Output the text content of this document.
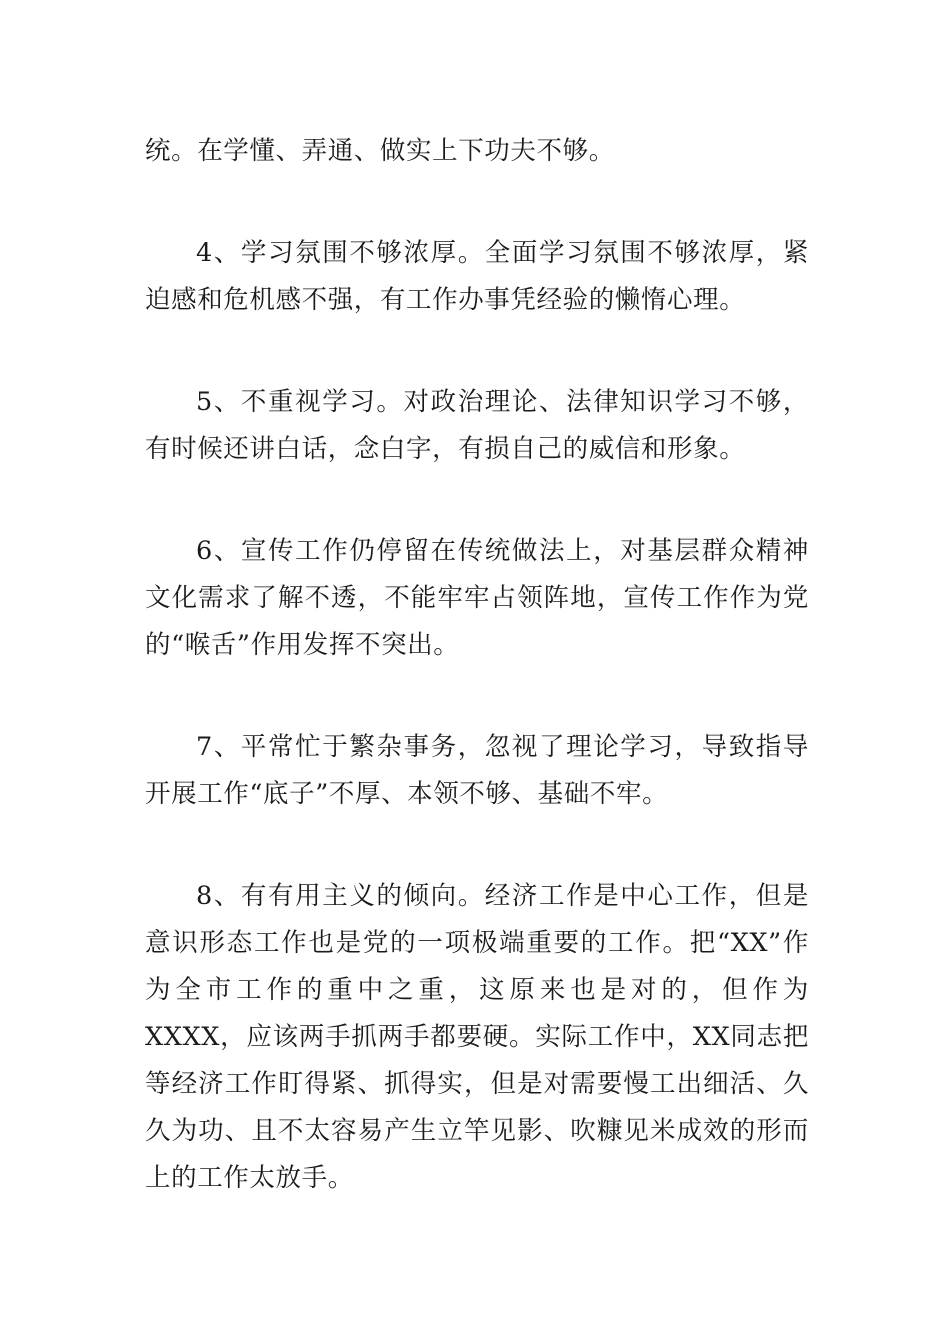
统。在学懂、弄通、做实上下功夫不够。

4、学习氛围不够浓厚。全面学习氛围不够浓厚，紧迫感和危机感不强，有工作办事凭经验的懒惰心理。

5、不重视学习。对政治理论、法律知识学习不够，有时候还讲白话，念白字，有损自己的威信和形象。

6、宣传工作仍停留在传统做法上，对基层群众精神文化需求了解不透，不能牢牢占领阵地，宣传工作作为党的“喉舌”作用发挥不突出。

7、平常忙于繁杂事务，忽视了理论学习，导致指导开展工作“底子”不厚、本领不够、基础不牢。

8、有有用主义的倾向。经济工作是中心工作，但是意识形态工作也是党的一项极端重要的工作。把“XX”作为全市工作的重中之重，这原来也是对的，但作为XXXX，应该两手抓两手都要硬。实际工作中，XX同志把等经济工作盯得紧、抓得实，但是对需要慢工出细活、久久为功、且不太容易产生立竿见影、吹糠见米成效的形而上的工作太放手。
